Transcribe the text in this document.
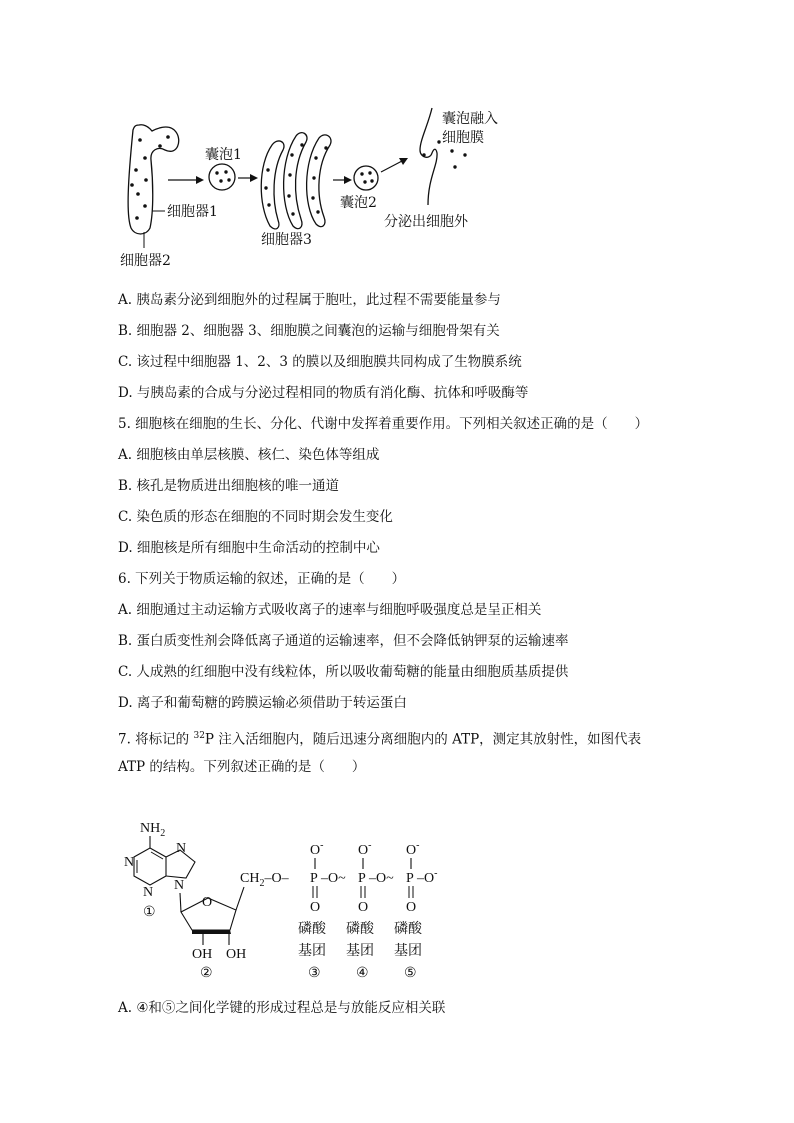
囊泡1
细胞器1
细胞器2
细胞器3
囊泡2
囊泡融入
细胞膜
分泌出细胞外
A. 胰岛素分泌到细胞外的过程属于胞吐，此过程不需要能量参与
B. 细胞器 2、细胞器 3、细胞膜之间囊泡的运输与细胞骨架有关
C. 该过程中细胞器 1、2、3 的膜以及细胞膜共同构成了生物膜系统
D. 与胰岛素的合成与分泌过程相同的物质有消化酶、抗体和呼吸酶等
5. 细胞核在细胞的生长、分化、代谢中发挥着重要作用。下列相关叙述正确的是（　　）
A. 细胞核由单层核膜、核仁、染色体等组成
B. 核孔是物质进出细胞核的唯一通道
C. 染色质的形态在细胞的不同时期会发生变化
D. 细胞核是所有细胞中生命活动的控制中心
6. 下列关于物质运输的叙述，正确的是（　　）
A. 细胞通过主动运输方式吸收离子的速率与细胞呼吸强度总是呈正相关
B. 蛋白质变性剂会降低离子通道的运输速率，但不会降低钠钾泵的运输速率
C. 人成熟的红细胞中没有线粒体，所以吸收葡萄糖的能量由细胞质基质提供
D. 离子和葡萄糖的跨膜运输必须借助于转运蛋白
7. 将标记的 $^{32}$P 注入活细胞内，随后迅速分离细胞内的 ATP，测定其放射性，如图代表
ATP 的结构。下列叙述正确的是（　　）
$NH_2$
N
N
N
N
①
O
OH OH
②
$CH_2-O-$ P
O-
O
–O~ P
O-
O
–O~ P
O-
O
–O-
磷酸
基团
③
磷酸
基团
④
磷酸
基团
⑤
A. ④和⑤之间化学键的形成过程总是与放能反应相关联
